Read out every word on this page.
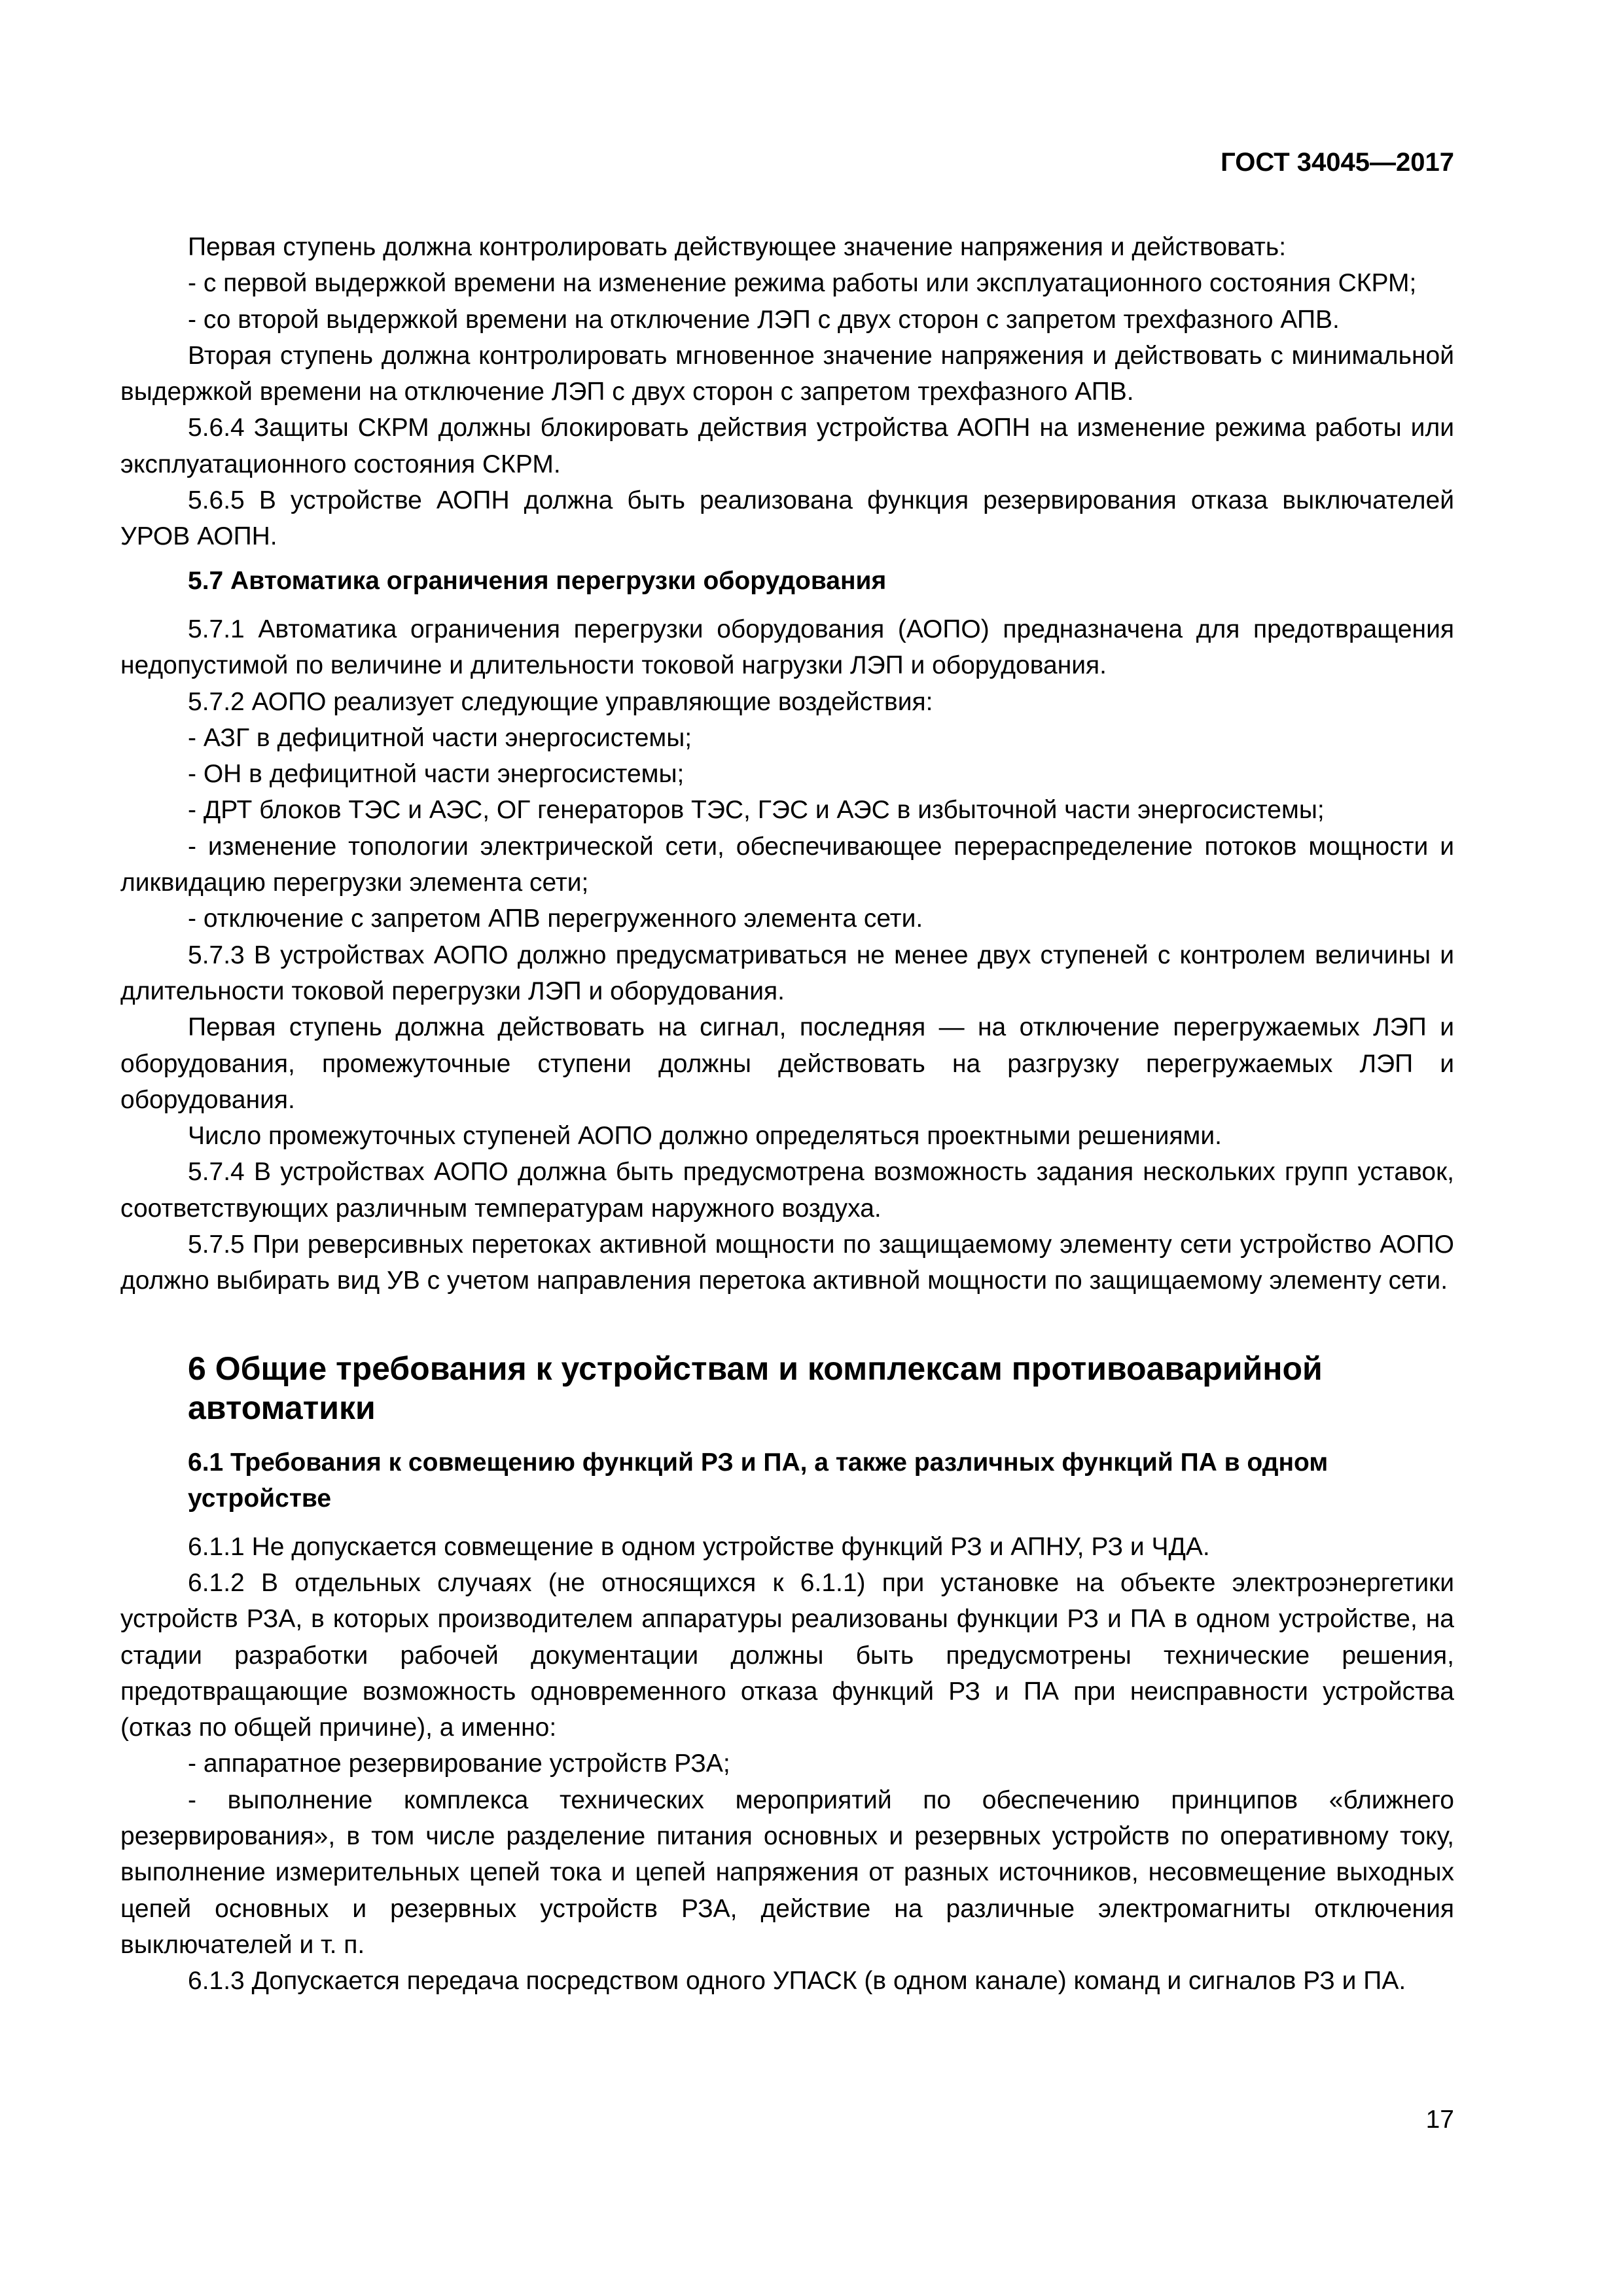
ГОСТ 34045—2017

Первая ступень должна контролировать действующее значение напряжения и действовать:

- с первой выдержкой времени на изменение режима работы или эксплуатационного состояния СКРМ;

- со второй выдержкой времени на отключение ЛЭП с двух сторон с запретом трехфазного АПВ.

Вторая ступень должна контролировать мгновенное значение напряжения и действовать с минимальной выдержкой времени на отключение ЛЭП с двух сторон с запретом трехфазного АПВ.

5.6.4 Защиты СКРМ должны блокировать действия устройства АОПН на изменение режима работы или эксплуатационного состояния СКРМ.

5.6.5 В устройстве АОПН должна быть реализована функция резервирования отказа выключателей УРОВ АОПН.

5.7 Автоматика ограничения перегрузки оборудования

5.7.1 Автоматика ограничения перегрузки оборудования (АОПО) предназначена для предотвращения недопустимой по величине и длительности токовой нагрузки ЛЭП и оборудования.

5.7.2 АОПО реализует следующие управляющие воздействия:

- АЗГ в дефицитной части энергосистемы;

- ОН в дефицитной части энергосистемы;

- ДРТ блоков ТЭС и АЭС, ОГ генераторов ТЭС, ГЭС и АЭС в избыточной части энергосистемы;

- изменение топологии электрической сети, обеспечивающее перераспределение потоков мощности и ликвидацию перегрузки элемента сети;

- отключение с запретом АПВ перегруженного элемента сети.

5.7.3 В устройствах АОПО должно предусматриваться не менее двух ступеней с контролем величины и длительности токовой перегрузки ЛЭП и оборудования.

Первая ступень должна действовать на сигнал, последняя — на отключение перегружаемых ЛЭП и оборудования, промежуточные ступени должны действовать на разгрузку перегружаемых ЛЭП и оборудования.

Число промежуточных ступеней АОПО должно определяться проектными решениями.

5.7.4 В устройствах АОПО должна быть предусмотрена возможность задания нескольких групп уставок, соответствующих различным температурам наружного воздуха.

5.7.5 При реверсивных перетоках активной мощности по защищаемому элементу сети устройство АОПО должно выбирать вид УВ с учетом направления перетока активной мощности по защищаемому элементу сети.

6 Общие требования к устройствам и комплексам противоаварийной автоматики
6.1 Требования к совмещению функций РЗ и ПА, а также различных функций ПА в одном устройстве

6.1.1 Не допускается совмещение в одном устройстве функций РЗ и АПНУ, РЗ и ЧДА.

6.1.2 В отдельных случаях (не относящихся к 6.1.1) при установке на объекте электроэнергетики устройств РЗА, в которых производителем аппаратуры реализованы функции РЗ и ПА в одном устройстве, на стадии разработки рабочей документации должны быть предусмотрены технические решения, предотвращающие возможность одновременного отказа функций РЗ и ПА при неисправности устройства (отказ по общей причине), а именно:

- аппаратное резервирование устройств РЗА;

- выполнение комплекса технических мероприятий по обеспечению принципов «ближнего резервирования», в том числе разделение питания основных и резервных устройств по оперативному току, выполнение измерительных цепей тока и цепей напряжения от разных источников, несовмещение выходных цепей основных и резервных устройств РЗА, действие на различные электромагниты отключения выключателей и т. п.

6.1.3 Допускается передача посредством одного УПАСК (в одном канале) команд и сигналов РЗ и ПА.

17
